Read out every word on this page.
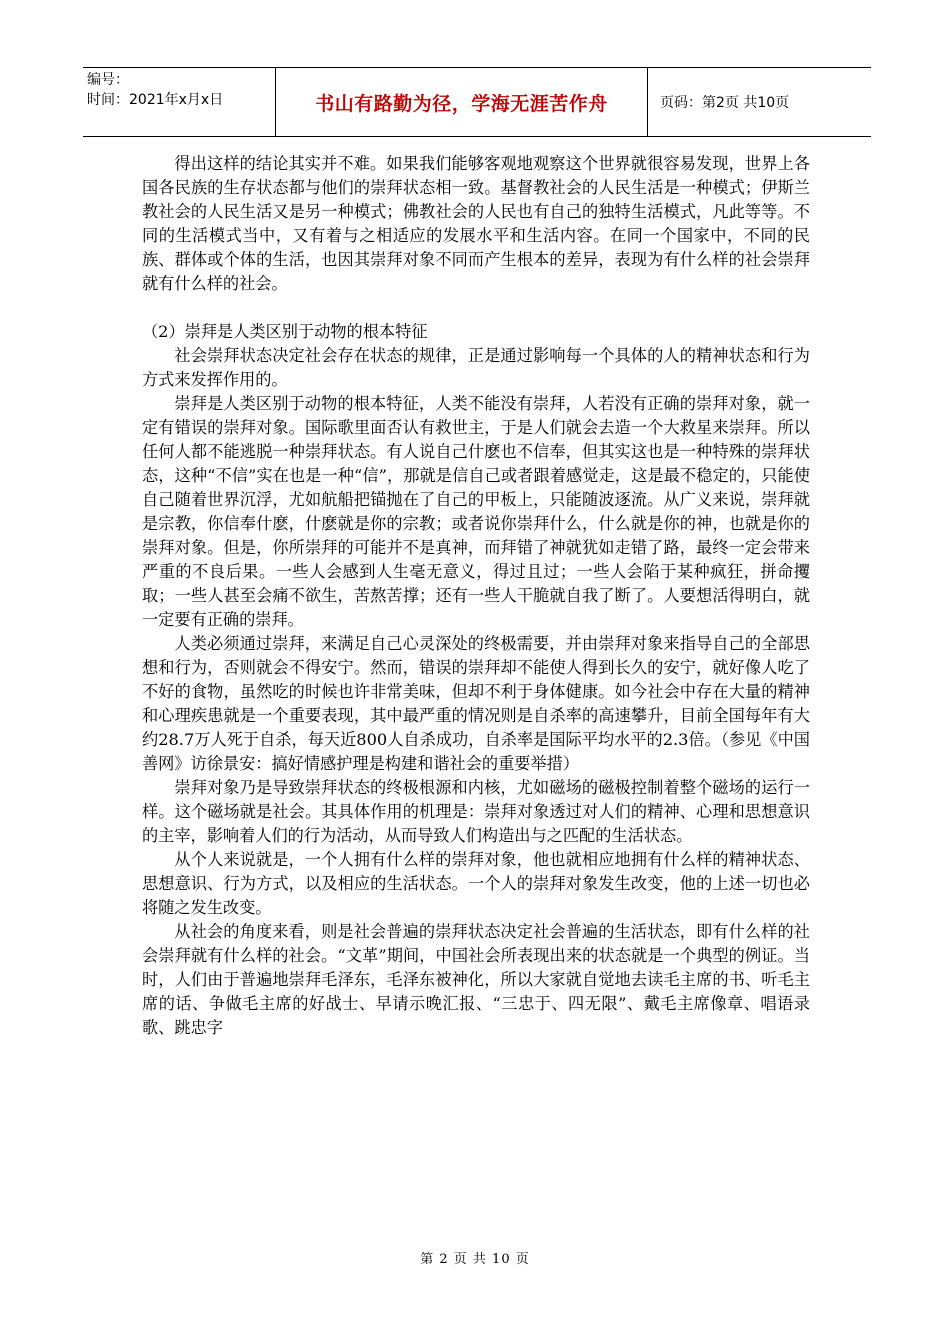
编号：
时间：2021年x月x日	书山有路勤为径，学海无涯苦作舟	页码：第2页 共10页

得出这样的结论其实并不难。如果我们能够客观地观察这个世界就很容易发现，世界上各国各民族的生存状态都与他们的崇拜状态相一致。基督教社会的人民生活是一种模式；伊斯兰教社会的人民生活又是另一种模式；佛教社会的人民也有自己的独特生活模式，凡此等等。不同的生活模式当中，又有着与之相适应的发展水平和生活内容。在同一个国家中，不同的民族、群体或个体的生活，也因其崇拜对象不同而产生根本的差异，表现为有什么样的社会崇拜就有什么样的社会。

（2）崇拜是人类区别于动物的根本特征

社会崇拜状态决定社会存在状态的规律，正是通过影响每一个具体的人的精神状态和行为方式来发挥作用的。

崇拜是人类区别于动物的根本特征，人类不能没有崇拜，人若没有正确的崇拜对象，就一定有错误的崇拜对象。国际歌里面否认有救世主，于是人们就会去造一个大救星来崇拜。所以任何人都不能逃脱一种崇拜状态。有人说自己什麽也不信奉，但其实这也是一种特殊的崇拜状态，这种“不信”实在也是一种“信”，那就是信自己或者跟着感觉走，这是最不稳定的，只能使自己随着世界沉浮，尤如航船把锚抛在了自己的甲板上，只能随波逐流。从广义来说，崇拜就是宗教，你信奉什麽，什麽就是你的宗教；或者说你崇拜什么，什么就是你的神，也就是你的崇拜对象。但是，你所崇拜的可能并不是真神，而拜错了神就犹如走错了路，最终一定会带来严重的不良后果。一些人会感到人生毫无意义，得过且过；一些人会陷于某种疯狂，拼命攫取；一些人甚至会痛不欲生，苦熬苦撑；还有一些人干脆就自我了断了。人要想活得明白，就一定要有正确的崇拜。

人类必须通过崇拜，来满足自己心灵深处的终极需要，并由崇拜对象来指导自己的全部思想和行为，否则就会不得安宁。然而，错误的崇拜却不能使人得到长久的安宁，就好像人吃了不好的食物，虽然吃的时候也许非常美味，但却不利于身体健康。如今社会中存在大量的精神和心理疾患就是一个重要表现，其中最严重的情况则是自杀率的高速攀升，目前全国每年有大约28.7万人死于自杀，每天近800人自杀成功，自杀率是国际平均水平的2.3倍。（参见《中国善网》访徐景安：搞好情感护理是构建和谐社会的重要举措）

崇拜对象乃是导致崇拜状态的终极根源和内核，尤如磁场的磁极控制着整个磁场的运行一样。这个磁场就是社会。其具体作用的机理是：崇拜对象透过对人们的精神、心理和思想意识的主宰，影响着人们的行为活动，从而导致人们构造出与之匹配的生活状态。

从个人来说就是，一个人拥有什么样的崇拜对象，他也就相应地拥有什么样的精神状态、思想意识、行为方式，以及相应的生活状态。一个人的崇拜对象发生改变，他的上述一切也必将随之发生改变。

从社会的角度来看，则是社会普遍的崇拜状态决定社会普遍的生活状态，即有什么样的社会崇拜就有什么样的社会。“文革”期间，中国社会所表现出来的状态就是一个典型的例证。当时，人们由于普遍地崇拜毛泽东，毛泽东被神化，所以大家就自觉地去读毛主席的书、听毛主席的话、争做毛主席的好战士、早请示晚汇报、“三忠于、四无限”、戴毛主席像章、唱语录歌、跳忠字

第 2 页 共 10 页
